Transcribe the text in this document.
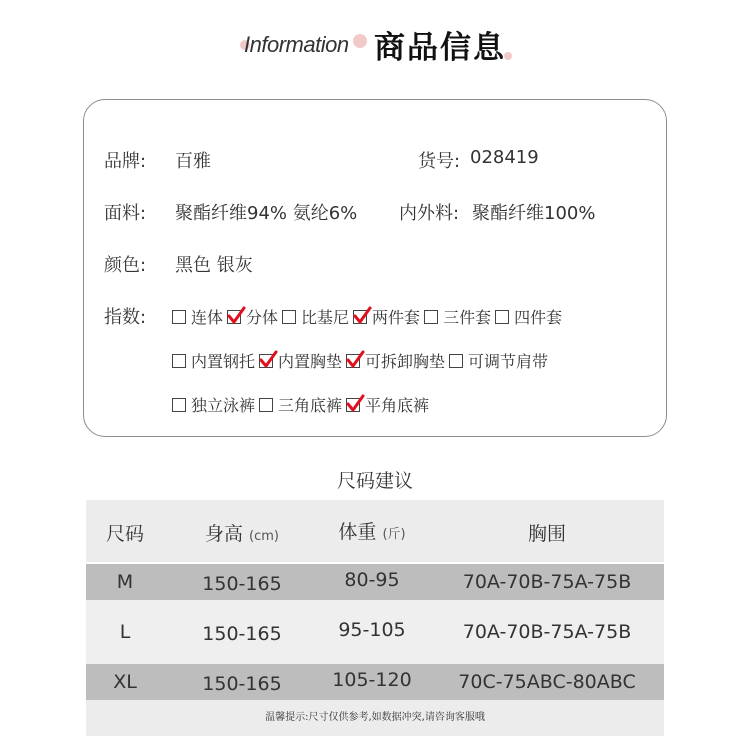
Information 商品信息
品牌: 百雅	货号: 028419
面料: 聚酯纤维94% 氨纶6% 内外料: 聚酯纤维100%
颜色: 黑色 银灰
指数:	连体 分体 比基尼 两件套 三件套 四件套
内置钢托 内置胸垫 可拆卸胸垫 可调节肩带
独立泳裤 三角底裤 平角底裤
尺码建议
尺码	身高 (cm)	体重 (斤)	胸围
M	150-165	80-95	70A-70B-75A-75B
L	150-165	95-105	70A-70B-75A-75B
XL	150-165	105-120	70C-75ABC-80ABC
温馨提示:尺寸仅供参考,如数据冲突,请咨询客服哦
